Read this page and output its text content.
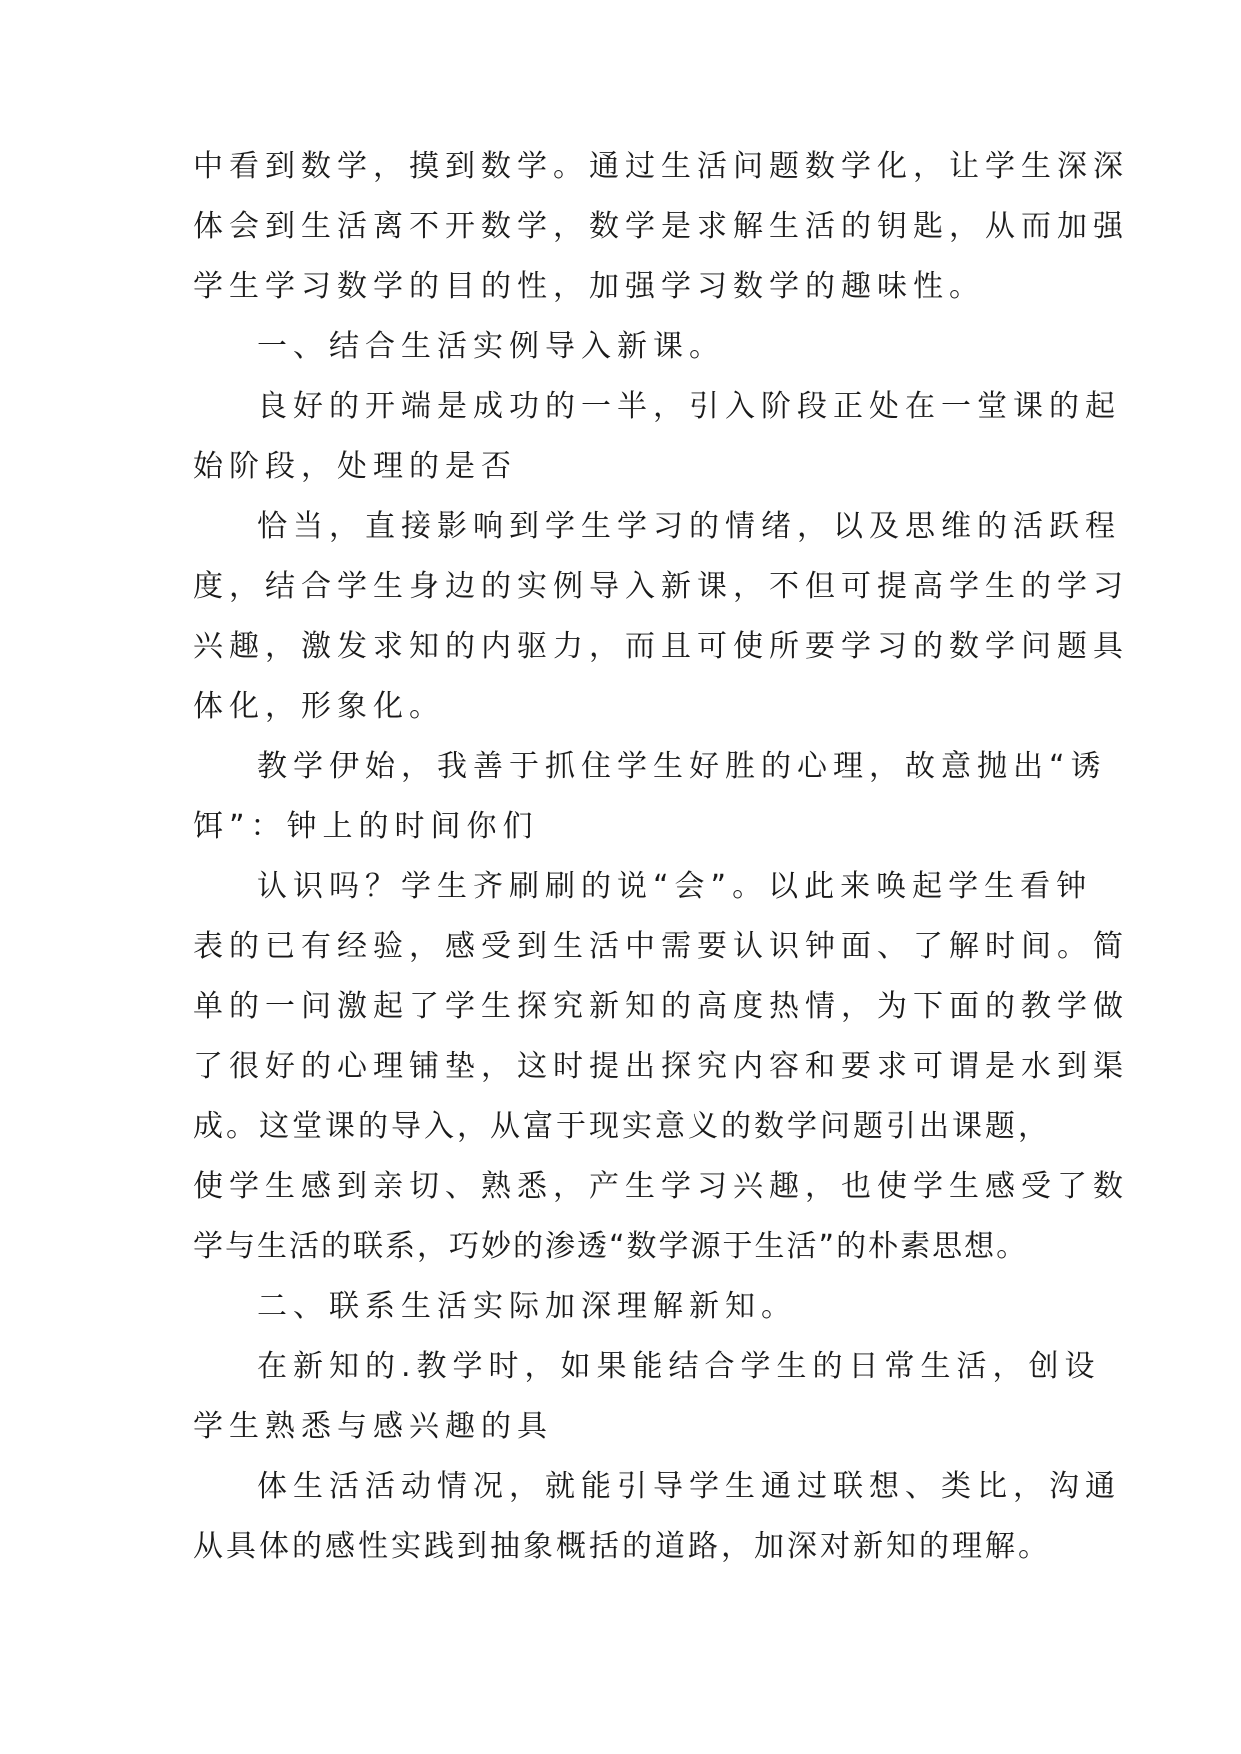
中看到数学，摸到数学。通过生活问题数学化，让学生深深
体会到生活离不开数学，数学是求解生活的钥匙，从而加强
学生学习数学的目的性，加强学习数学的趣味性。
一、结合生活实例导入新课。
良好的开端是成功的一半，引入阶段正处在一堂课的起
始阶段，处理的是否
恰当，直接影响到学生学习的情绪，以及思维的活跃程
度，结合学生身边的实例导入新课，不但可提高学生的学习
兴趣，激发求知的内驱力，而且可使所要学习的数学问题具
体化，形象化。
教学伊始，我善于抓住学生好胜的心理，故意抛出“诱
饵”：钟上的时间你们
认识吗？学生齐刷刷的说“会”。以此来唤起学生看钟
表的已有经验，感受到生活中需要认识钟面、了解时间。简
单的一问激起了学生探究新知的高度热情，为下面的教学做
了很好的心理铺垫，这时提出探究内容和要求可谓是水到渠
成。这堂课的导入，从富于现实意义的数学问题引出课题，
使学生感到亲切、熟悉，产生学习兴趣，也使学生感受了数
学与生活的联系，巧妙的渗透“数学源于生活”的朴素思想。
二、联系生活实际加深理解新知。
在新知的.教学时，如果能结合学生的日常生活，创设
学生熟悉与感兴趣的具
体生活活动情况，就能引导学生通过联想、类比，沟通
从具体的感性实践到抽象概括的道路，加深对新知的理解。
